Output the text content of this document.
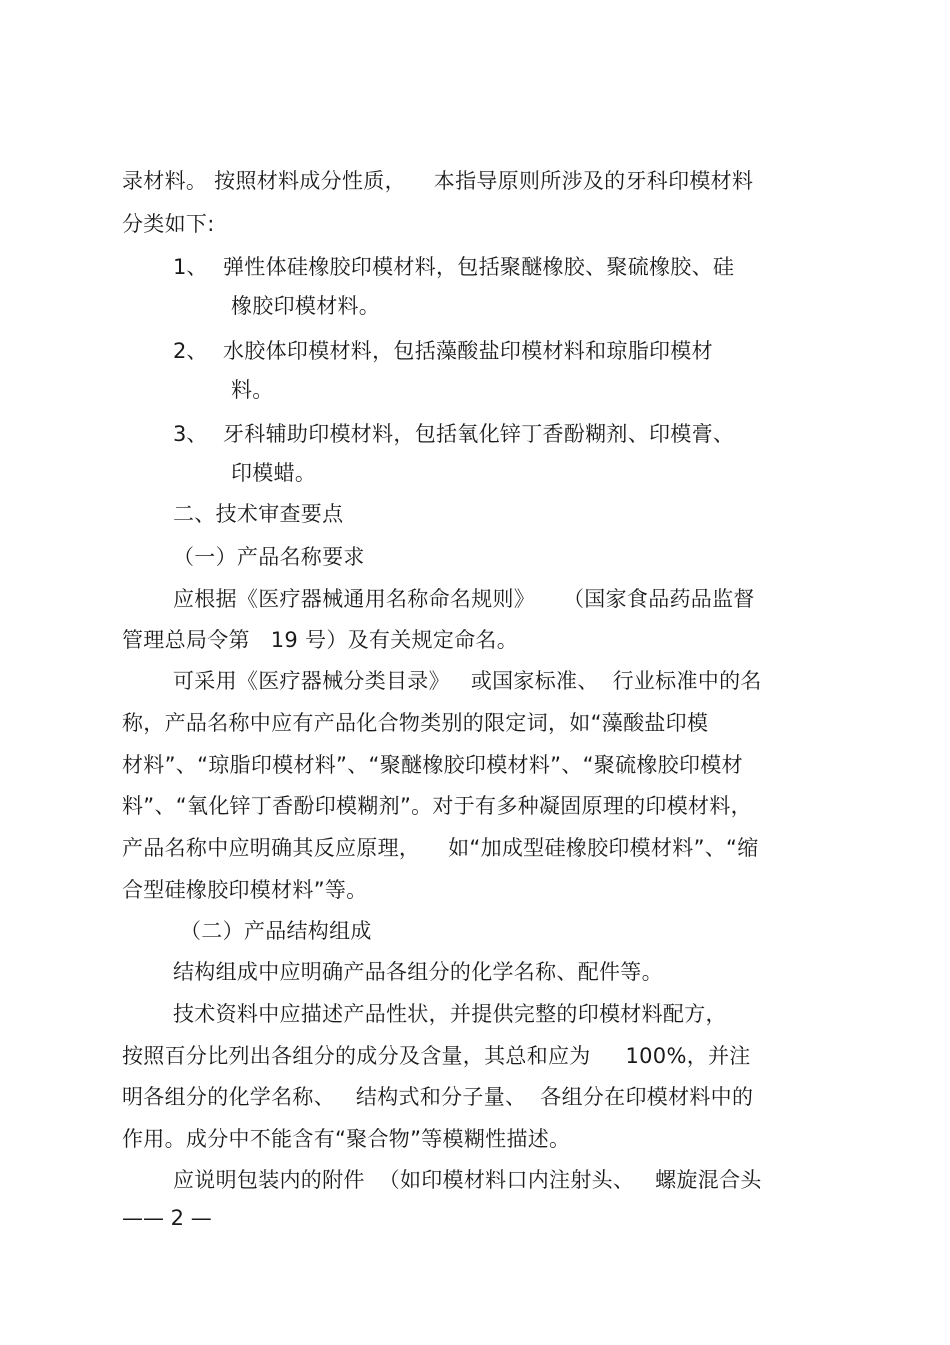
录材料。 按照材料成分性质，    本指导原则所涉及的牙科印模材料
分类如下:
1、 弹性体硅橡胶印模材料，包括聚醚橡胶、聚硫橡胶、硅
橡胶印模材料。
2、 水胶体印模材料，包括藻酸盐印模材料和琼脂印模材
料。
3、 牙科辅助印模材料，包括氧化锌丁香酚糊剂、印模膏、
印模蜡。
二、技术审查要点
（一）产品名称要求
应根据《医疗器械通用名称命名规则》    （国家食品药品监督
管理总局令第   19 号）及有关规定命名。
可采用《医疗器械分类目录》   或国家标准、  行业标准中的名
称，产品名称中应有产品化合物类别的限定词，如“藻酸盐印模
材料”、“琼脂印模材料”、“聚醚橡胶印模材料”、“聚硫橡胶印模材
料”、“氧化锌丁香酚印模糊剂”。对于有多种凝固原理的印模材料，
产品名称中应明确其反应原理，    如“加成型硅橡胶印模材料”、“缩
合型硅橡胶印模材料”等。
（二）产品结构组成
结构组成中应明确产品各组分的化学名称、配件等。
技术资料中应描述产品性状，并提供完整的印模材料配方，
按照百分比列出各组分的成分及含量，其总和应为     100%，并注
明各组分的化学名称、   结构式和分子量、  各组分在印模材料中的
作用。成分中不能含有“聚合物”等模糊性描述。
应说明包装内的附件  （如印模材料口内注射头、   螺旋混合头
—— 2 —
